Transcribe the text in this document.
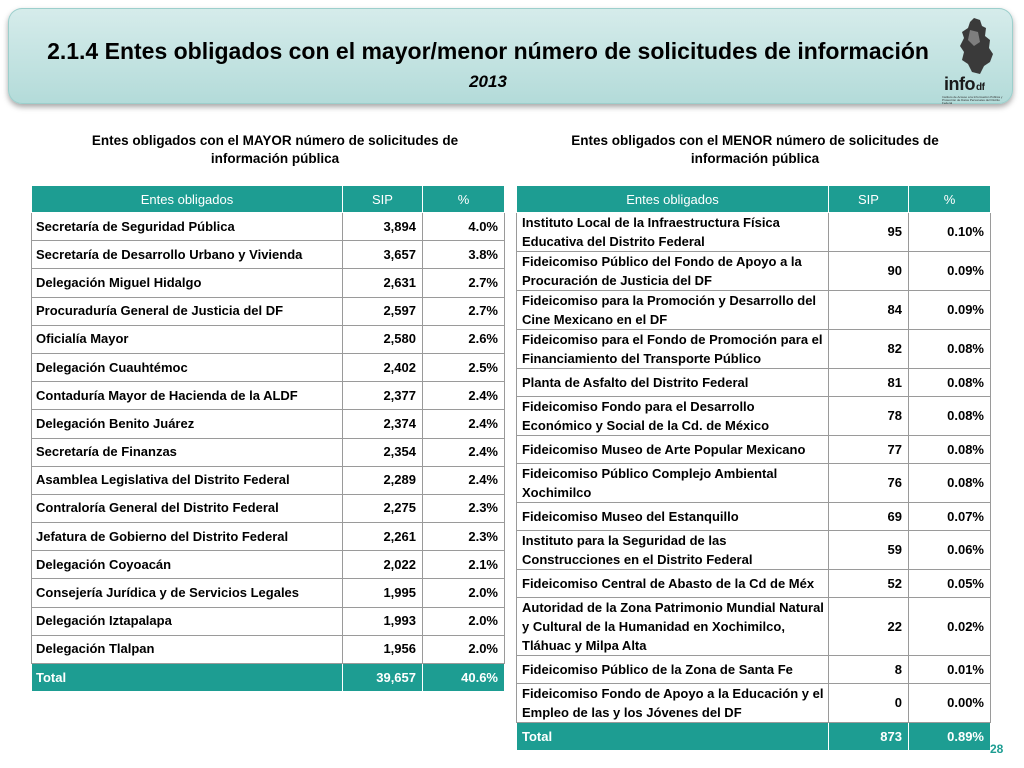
2.1.4 Entes obligados con el mayor/menor número de solicitudes de información
2013	infodf
Instituto de Acceso a la Información Pública y Protección de Datos Personales del Distrito Federal
Entes obligados con el MAYOR número de solicitudes de información pública
Entes obligados con el MENOR número de solicitudes de información pública
Entes obligados	SIP	%
Secretaría de Seguridad Pública	3,894	4.0%
Secretaría de Desarrollo Urbano y Vivienda	3,657	3.8%
Delegación Miguel Hidalgo	2,631	2.7%
Procuraduría General de Justicia del DF	2,597	2.7%
Oficialía Mayor	2,580	2.6%
Delegación Cuauhtémoc	2,402	2.5%
Contaduría Mayor de Hacienda de la ALDF	2,377	2.4%
Delegación Benito Juárez	2,374	2.4%
Secretaría de Finanzas	2,354	2.4%
Asamblea Legislativa del Distrito Federal	2,289	2.4%
Contraloría General del Distrito Federal	2,275	2.3%
Jefatura de Gobierno del Distrito Federal	2,261	2.3%
Delegación Coyoacán	2,022	2.1%
Consejería Jurídica y de Servicios Legales	1,995	2.0%
Delegación Iztapalapa	1,993	2.0%
Delegación Tlalpan	1,956	2.0%
Total	39,657	40.6%
Entes obligados	SIP	%
Instituto Local de la Infraestructura Física Educativa del Distrito Federal	95	0.10%
Fideicomiso Público del Fondo de Apoyo a la Procuración de Justicia del DF	90	0.09%
Fideicomiso para la Promoción y Desarrollo del Cine Mexicano en el DF	84	0.09%
Fideicomiso para el Fondo de Promoción para el Financiamiento del Transporte Público	82	0.08%
Planta de Asfalto del Distrito Federal	81	0.08%
Fideicomiso Fondo para el Desarrollo Económico y Social de la Cd. de México	78	0.08%
Fideicomiso Museo de Arte Popular Mexicano	77	0.08%
Fideicomiso Público Complejo Ambiental Xochimilco	76	0.08%
Fideicomiso Museo del Estanquillo	69	0.07%
Instituto para la Seguridad de las Construcciones en el Distrito Federal	59	0.06%
Fideicomiso Central de Abasto de la Cd de Méx	52	0.05%
Autoridad de la Zona Patrimonio Mundial Natural y Cultural de la Humanidad en Xochimilco, Tláhuac y Milpa Alta	22	0.02%
Fideicomiso Público de la Zona de Santa Fe	8	0.01%
Fideicomiso Fondo de Apoyo a la Educación y el Empleo de las y los Jóvenes del DF	0	0.00%
Total	873	0.89%
28
